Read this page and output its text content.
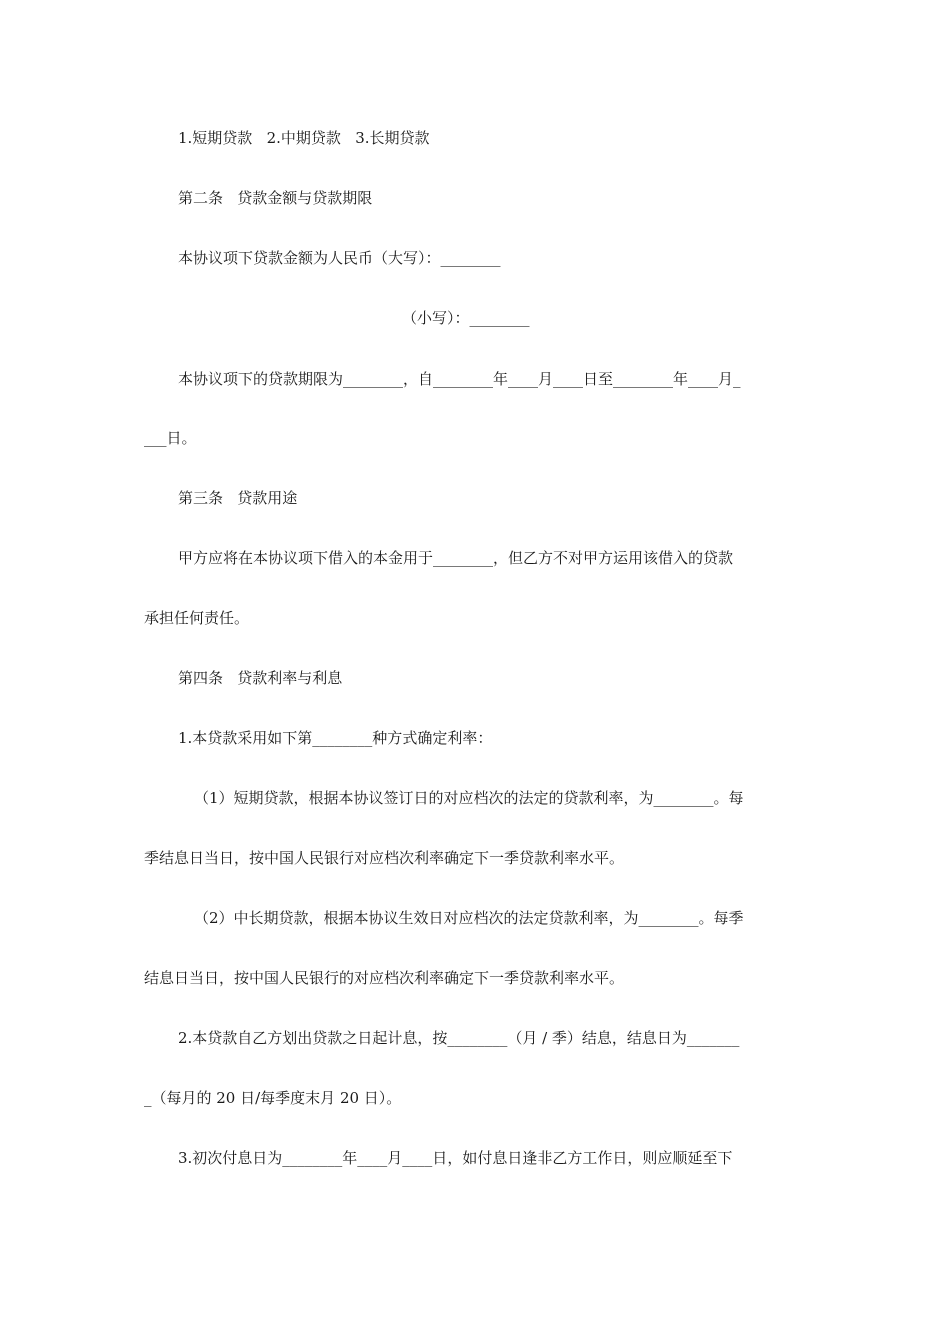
1.短期贷款   2.中期贷款   3.长期贷款
第二条   贷款金额与贷款期限
本协议项下贷款金额为人民币（大写）：________
（小写）：________
本协议项下的贷款期限为________，自________年____月____日至________年____月_
___日。
第三条   贷款用途
甲方应将在本协议项下借入的本金用于________，但乙方不对甲方运用该借入的贷款
承担任何责任。
第四条   贷款利率与利息
1.本贷款采用如下第________种方式确定利率：
（1）短期贷款，根据本协议签订日的对应档次的法定的贷款利率，为________。每
季结息日当日，按中国人民银行对应档次利率确定下一季贷款利率水平。
（2）中长期贷款，根据本协议生效日对应档次的法定贷款利率，为________。每季
结息日当日，按中国人民银行的对应档次利率确定下一季贷款利率水平。
2.本贷款自乙方划出贷款之日起计息，按________（月 / 季）结息，结息日为_______
_（每月的 20 日/每季度末月 20 日）。
3.初次付息日为________年____月____日，如付息日逢非乙方工作日，则应顺延至下
